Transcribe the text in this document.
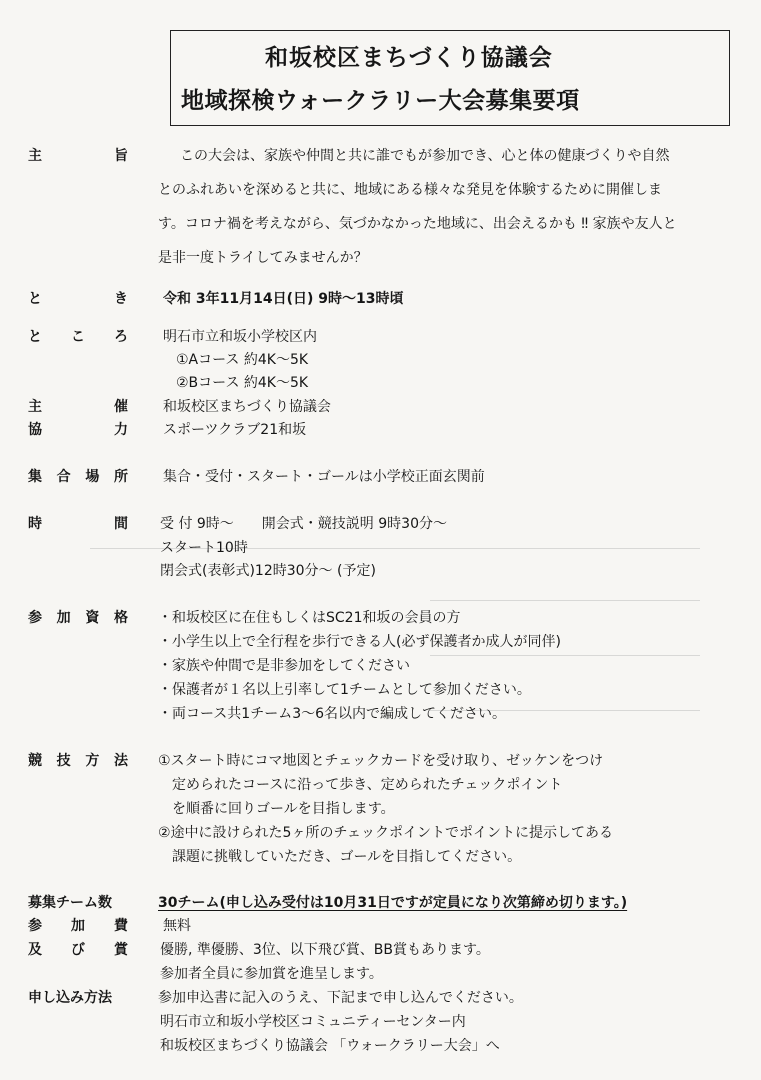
和坂校区まちづくり協議会
地域探検ウォークラリー大会募集要項
主　　　旨	この大会は、家族や仲間と共に誰でもが参加でき、心と体の健康づくりや自然
とのふれあいを深めると共に、地域にある様々な発見を体験するために開催しま
す。コロナ禍を考えながら、気づかなかった地域に、出会えるかも ‼ 家族や友人と
是非一度トライしてみませんか？
と　　き	令和 3年11月14日(日) 9時～13時頃
と こ ろ	明石市立和坂小学校区内
①Aコース 約4K～5K
②Bコース 約4K～5K
主　　催	和坂校区まちづくり協議会
協　　力	スポーツクラブ21和坂
集合場所	集合・受付・スタート・ゴールは小学校正面玄関前
時　　間 受 付 9時～　　開会式・競技説明 9時30分～
スタート10時
閉会式(表彰式)12時30分～ (予定)
参加資格 ・和坂校区に在住もしくはSC21和坂の会員の方
・小学生以上で全行程を歩行できる人(必ず保護者か成人が同伴)
・家族や仲間で是非参加をしてください
・保護者が１名以上引率して1チームとして参加ください。
・両コース共1チーム3～6名以内で編成してください。
競技方法 ①スタート時にコマ地図とチェックカードを受け取り、ゼッケンをつけ
定められたコースに沿って歩き、定められたチェックポイント
を順番に回りゴールを目指します。
②途中に設けられた5ヶ所のチェックポイントでポイントに提示してある
課題に挑戦していただき、ゴールを目指してください。
募集チーム数	30チーム(申し込み受付は10月31日ですが定員になり次第締め切ります。)
参 加 費	無料
及 び 賞 優勝, 準優勝、3位、以下飛び賞、BB賞もあります。
参加者全員に参加賞を進呈します。
申し込み方法	参加申込書に記入のうえ、下記まで申し込んでください。
明石市立和坂小学校区コミュニティーセンター内
和坂校区まちづくり協議会 「ウォークラリー大会」へ
